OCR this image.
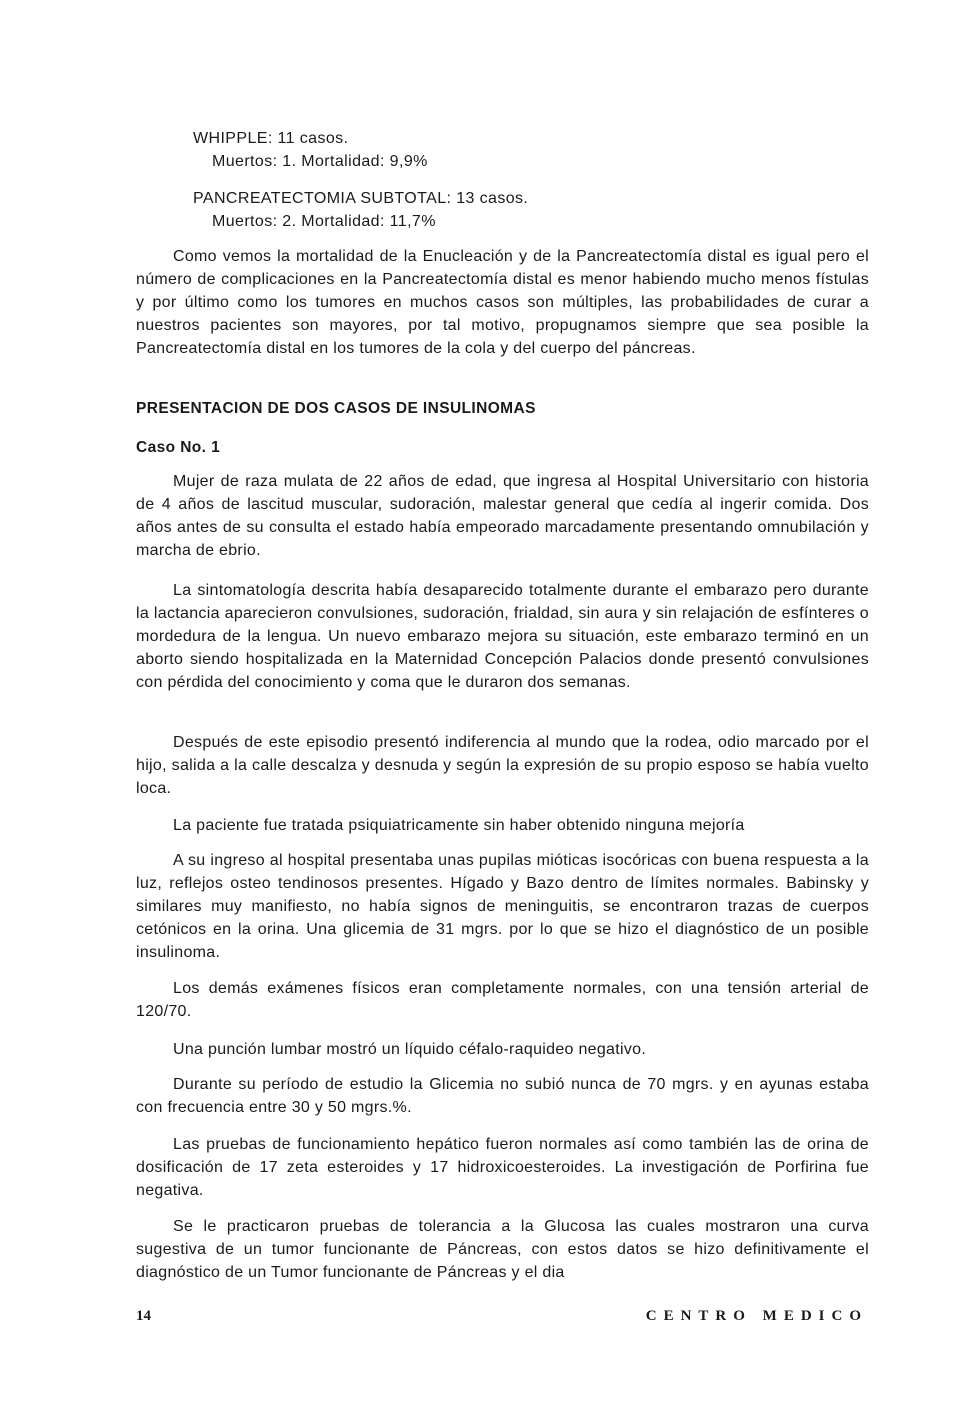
WHIPPLE: 11 casos.
Muertos: 1. Mortalidad: 9,9%
PANCREATECTOMIA SUBTOTAL: 13 casos.
Muertos: 2. Mortalidad: 11,7%

Como vemos la mortalidad de la Enucleación y de la Pancreatectomía distal es igual pero el número de complicaciones en la Pancreatectomía distal es menor habiendo mucho menos fístulas y por último como los tumores en muchos casos son múltiples, las probabilidades de curar a nuestros pacientes son mayores, por tal motivo, propugnamos siempre que sea posible la Pancreatectomía distal en los tumores de la cola y del cuerpo del páncreas.

PRESENTACION DE DOS CASOS DE INSULINOMAS
Caso No. 1

Mujer de raza mulata de 22 años de edad, que ingresa al Hospital Universitario con historia de 4 años de lascitud muscular, sudoración, malestar general que cedía al ingerir comida. Dos años antes de su consulta el estado había empeorado marcadamente presentando omnubilación y marcha de ebrio.

La sintomatología descrita había desaparecido totalmente durante el embarazo pero durante la lactancia aparecieron convulsiones, sudoración, frialdad, sin aura y sin relajación de esfínteres o mordedura de la lengua. Un nuevo embarazo mejora su situación, este embarazo terminó en un aborto siendo hospitalizada en la Maternidad Concepción Palacios donde presentó convulsiones con pérdida del conocimiento y coma que le duraron dos semanas.

Después de este episodio presentó indiferencia al mundo que la rodea, odio marcado por el hijo, salida a la calle descalza y desnuda y según la expresión de su propio esposo se había vuelto loca.

La paciente fue tratada psiquiatricamente sin haber obtenido ninguna mejoría

A su ingreso al hospital presentaba unas pupilas mióticas isocóricas con buena respuesta a la luz, reflejos osteo tendinosos presentes. Hígado y Bazo dentro de límites normales. Babinsky y similares muy manifiesto, no había signos de meninguitis, se encontraron trazas de cuerpos cetónicos en la orina. Una glicemia de 31 mgrs. por lo que se hizo el diagnóstico de un posible insulinoma.

Los demás exámenes físicos eran completamente normales, con una tensión arterial de 120/70.

Una punción lumbar mostró un líquido céfalo-raquideo negativo.

Durante su período de estudio la Glicemia no subió nunca de 70 mgrs. y en ayunas estaba con frecuencia entre 30 y 50 mgrs.%.

Las pruebas de funcionamiento hepático fueron normales así como también las de orina de dosificación de 17 zeta esteroides y 17 hidroxicoesteroides. La investigación de Porfirina fue negativa.

Se le practicaron pruebas de tolerancia a la Glucosa las cuales mostraron una curva sugestiva de un tumor funcionante de Páncreas, con estos datos se hizo definitivamente el diagnóstico de un Tumor funcionante de Páncreas y el dia

14	CENTRO MEDICO
